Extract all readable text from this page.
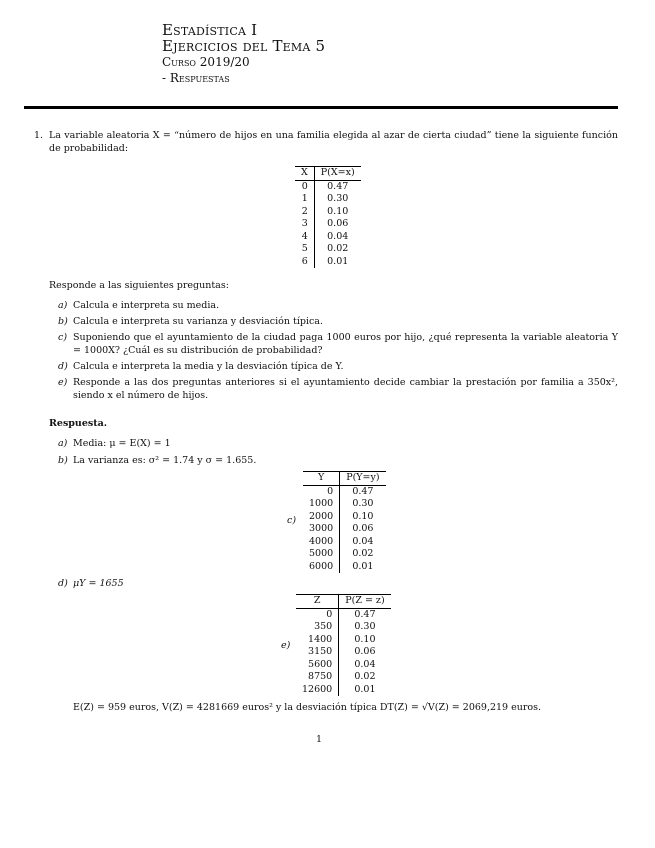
Estadística I
Ejercicios del Tema 5
Curso 2019/20
- Respuestas
1. La variable aleatoria X = “número de hijos en una familia elegida al azar de cierta ciudad” tiene la siguiente función de probabilidad:
X	P(X=x)
0	0.47
1	0.30
2	0.10
3	0.06
4	0.04
5	0.02
6	0.01
Responde a las siguientes preguntas:
a) Calcula e interpreta su media.
b) Calcula e interpreta su varianza y desviación típica.
c) Suponiendo que el ayuntamiento de la ciudad paga 1000 euros por hijo, ¿qué representa la variable aleatoria Y = 1000X? ¿Cuál es su distribución de probabilidad?
d) Calcula e interpreta la media y la desviación típica de Y.
e) Responde a las dos preguntas anteriores si el ayuntamiento decide cambiar la prestación por familia a 350x², siendo x el número de hijos.
Respuesta.
a) Media: μ = E(X) = 1
b) La varianza es: σ² = 1.74 y σ = 1.655.
c)
Y	P(Y=y)
0	0.47
1000	0.30
2000	0.10
3000	0.06
4000	0.04
5000	0.02
6000	0.01
d) μY = 1655
e)
Z	P(Z = z)
0	0.47
350	0.30
1400	0.10
3150	0.06
5600	0.04
8750	0.02
12600	0.01
E(Z) = 959 euros, V(Z) = 4281669 euros² y la desviación típica DT(Z) = √V(Z) = 2069,219 euros.
1
